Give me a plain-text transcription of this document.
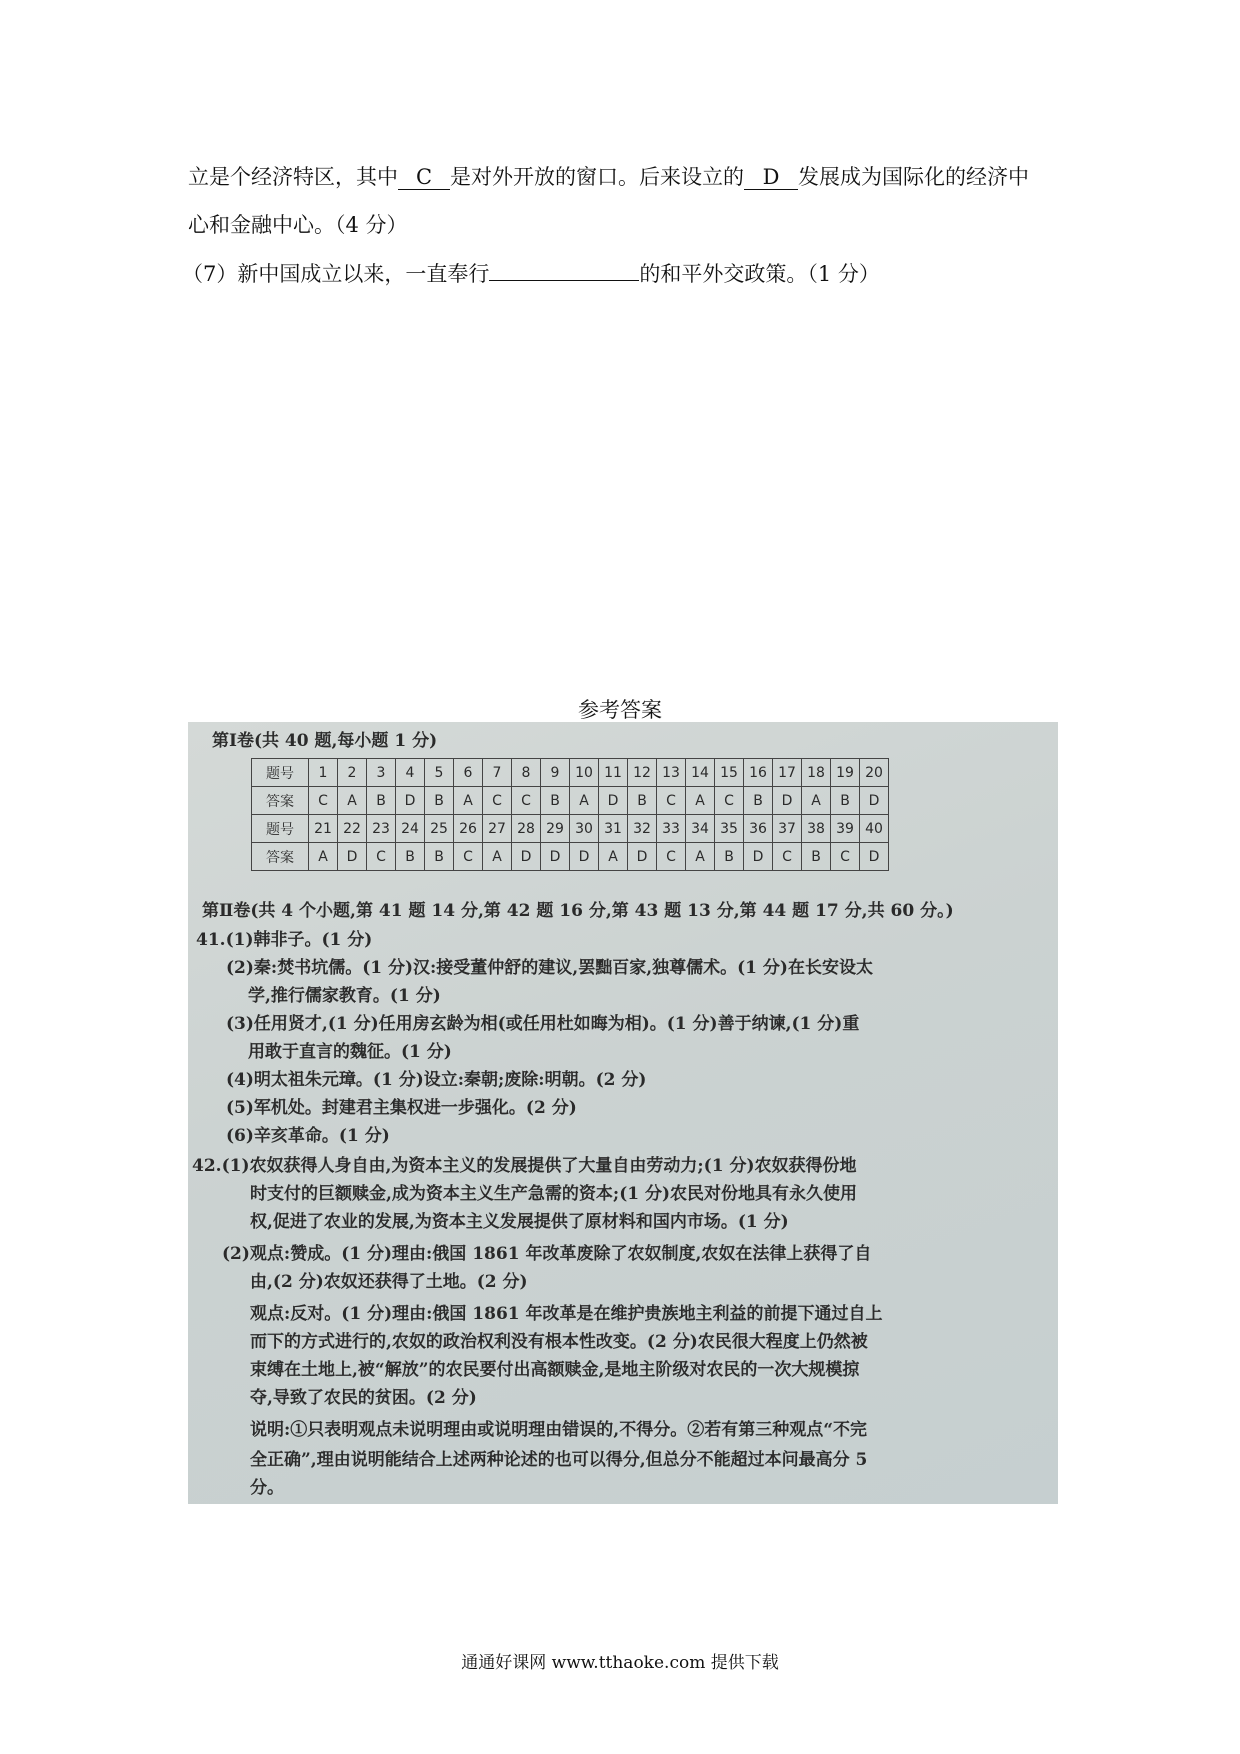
立是个经济特区，其中 C 是对外开放的窗口。后来设立的 D 发展成为国际化的经济中
心和金融中心。（4 分）
（7）新中国成立以来，一直奉行	的和平外交政策。（1 分）
参考答案
第Ⅰ卷(共 40 题,每小题 1 分)
题号	1	2	3	4	5	6	7	8	9	10	11	12	13	14	15	16	17	18	19	20
答案	C	A	B	D	B	A	C	C	B	A	D	B	C	A	C	B	D	A	B	D
题号	21	22	23	24	25	26	27	28	29	30	31	32	33	34	35	36	37	38	39	40
答案	A	D	C	B	B	C	A	D	D	D	A	D	C	A	B	D	C	B	C	D
第Ⅱ卷(共 4 个小题,第 41 题 14 分,第 42 题 16 分,第 43 题 13 分,第 44 题 17 分,共 60 分。)
41.(1)韩非子。(1 分)
(2)秦:焚书坑儒。(1 分)汉:接受董仲舒的建议,罢黜百家,独尊儒术。(1 分)在长安设太
学,推行儒家教育。(1 分)
(3)任用贤才,(1 分)任用房玄龄为相(或任用杜如晦为相)。(1 分)善于纳谏,(1 分)重
用敢于直言的魏征。(1 分)
(4)明太祖朱元璋。(1 分)设立:秦朝;废除:明朝。(2 分)
(5)军机处。封建君主集权进一步强化。(2 分)
(6)辛亥革命。(1 分)
42.(1)农奴获得人身自由,为资本主义的发展提供了大量自由劳动力;(1 分)农奴获得份地
时支付的巨额赎金,成为资本主义生产急需的资本;(1 分)农民对份地具有永久使用
权,促进了农业的发展,为资本主义发展提供了原材料和国内市场。(1 分)
(2)观点:赞成。(1 分)理由:俄国 1861 年改革废除了农奴制度,农奴在法律上获得了自
由,(2 分)农奴还获得了土地。(2 分)
观点:反对。(1 分)理由:俄国 1861 年改革是在维护贵族地主利益的前提下通过自上
而下的方式进行的,农奴的政治权利没有根本性改变。(2 分)农民很大程度上仍然被
束缚在土地上,被“解放”的农民要付出高额赎金,是地主阶级对农民的一次大规模掠
夺,导致了农民的贫困。(2 分)
说明:①只表明观点未说明理由或说明理由错误的,不得分。②若有第三种观点“不完
全正确”,理由说明能结合上述两种论述的也可以得分,但总分不能超过本问最高分 5
分。
通通好课网 www.tthaoke.com 提供下载
